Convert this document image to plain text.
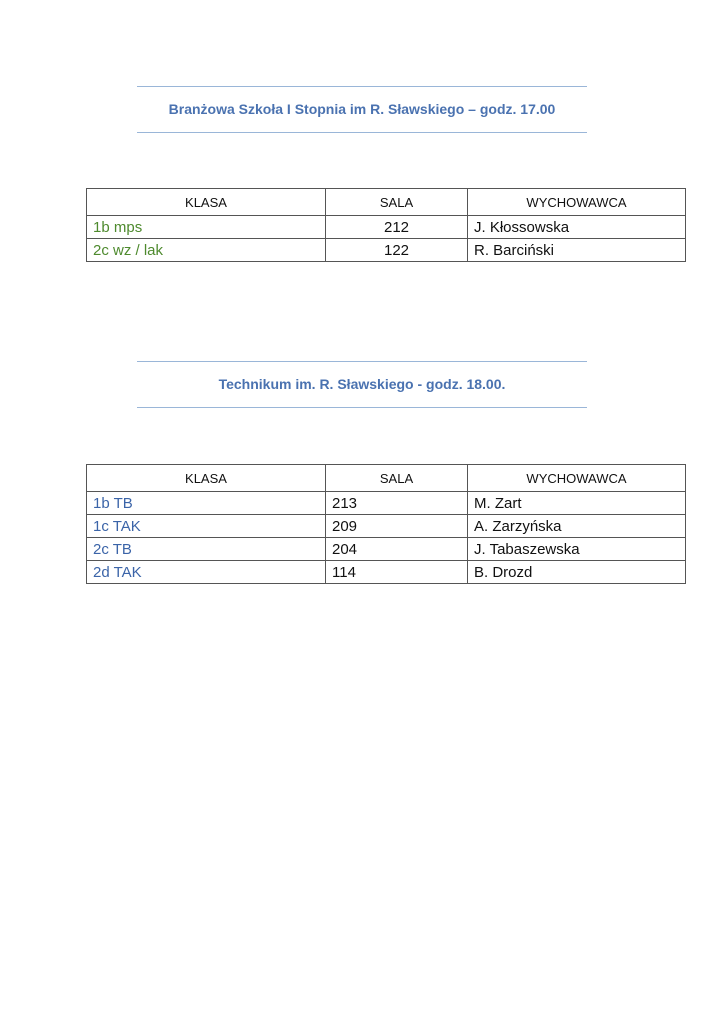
Branżowa Szkoła I Stopnia im R. Sławskiego – godz. 17.00
KLASA	SALA	WYCHOWAWCA
1b mps	212	J. Kłossowska
2c wz / lak	122	R. Barciński
Technikum im. R. Sławskiego - godz. 18.00.
KLASA	SALA	WYCHOWAWCA
1b TB	213	M. Zart
1c TAK	209	A. Zarzyńska
2c TB	204	J. Tabaszewska
2d TAK	114	B. Drozd
